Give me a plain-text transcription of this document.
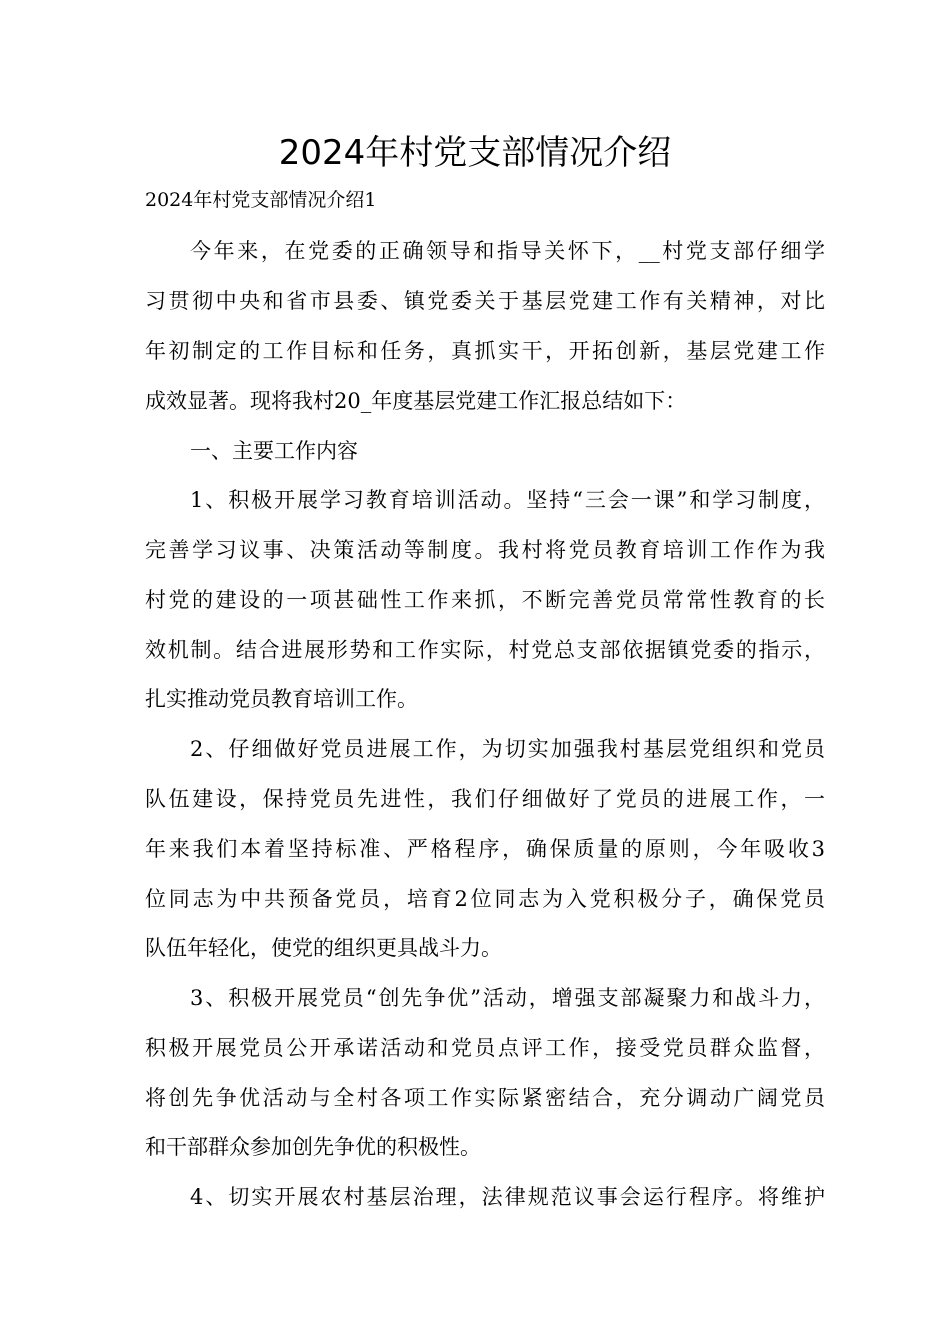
2024年村党支部情况介绍
2024年村党支部情况介绍1
今年来，在党委的正确领导和指导关怀下，__村党支部仔细学
习贯彻中央和省市县委、镇党委关于基层党建工作有关精神，对比
年初制定的工作目标和任务，真抓实干，开拓创新，基层党建工作
成效显著。现将我村20_年度基层党建工作汇报总结如下：
一、主要工作内容
1、积极开展学习教育培训活动。坚持“三会一课”和学习制度，
完善学习议事、决策活动等制度。我村将党员教育培训工作作为我
村党的建设的一项甚础性工作来抓，不断完善党员常常性教育的长
效机制。结合进展形势和工作实际，村党总支部依据镇党委的指示，
扎实推动党员教育培训工作。
2、仔细做好党员进展工作，为切实加强我村基层党组织和党员
队伍建设，保持党员先进性，我们仔细做好了党员的进展工作，一
年来我们本着坚持标准、严格程序，确保质量的原则，今年吸收3
位同志为中共预备党员，培育2位同志为入党积极分子，确保党员
队伍年轻化，使党的组织更具战斗力。
3、积极开展党员“创先争优”活动，增强支部凝聚力和战斗力，
积极开展党员公开承诺活动和党员点评工作，接受党员群众监督，
将创先争优活动与全村各项工作实际紧密结合，充分调动广阔党员
和干部群众参加创先争优的积极性。
4、切实开展农村基层治理，法律规范议事会运行程序。将维护
